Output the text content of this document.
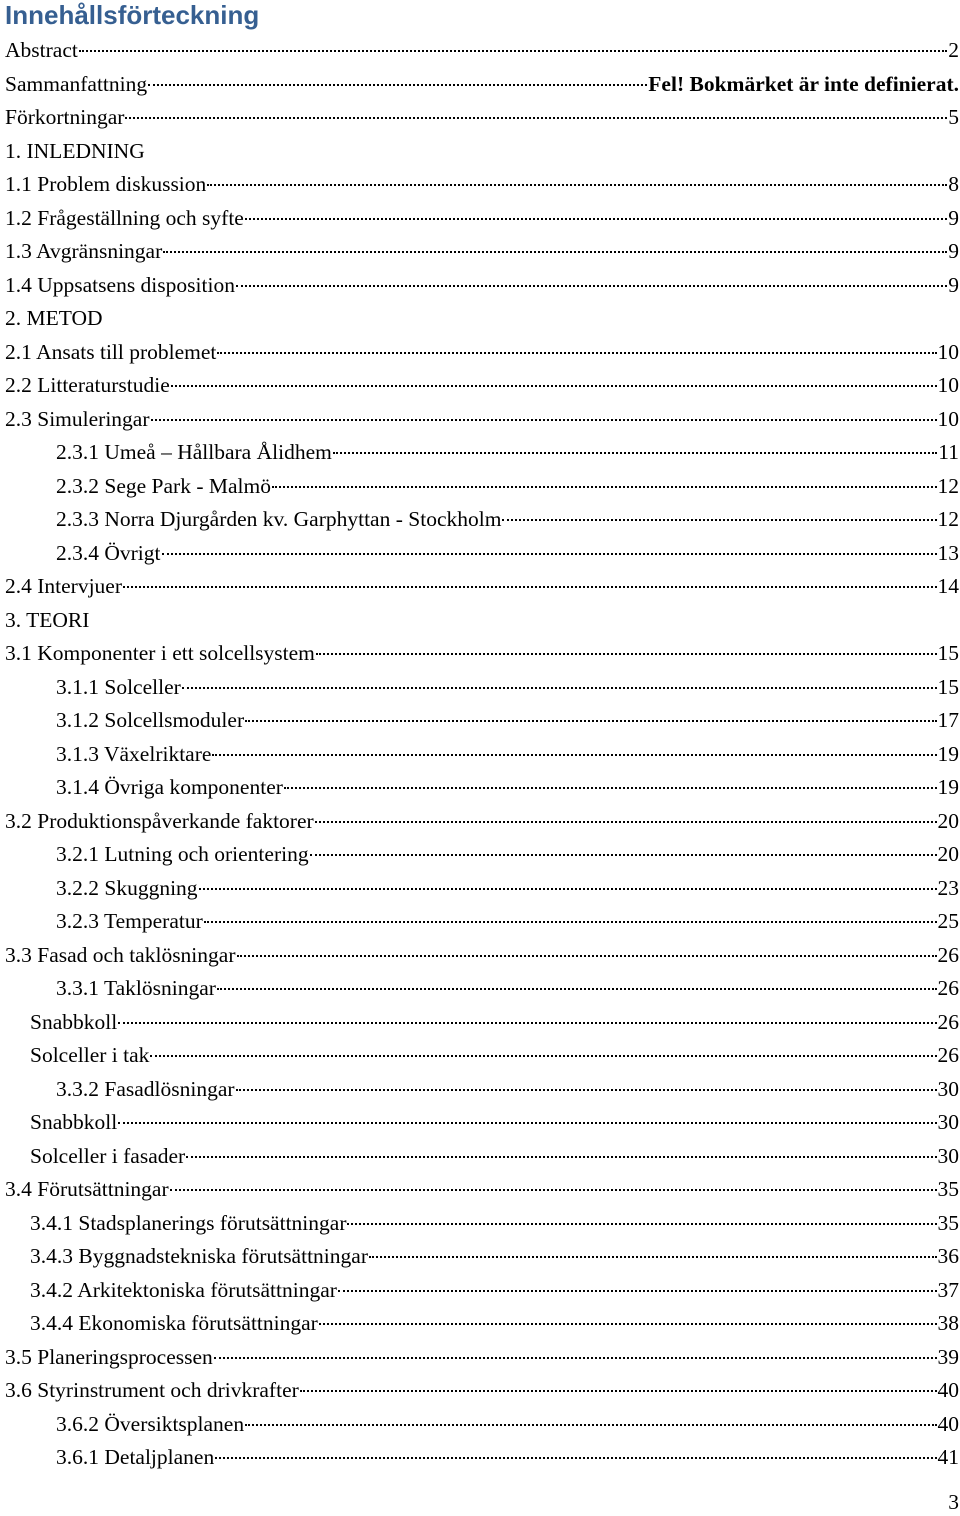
Innehållsförteckning
Abstract	2
Sammanfattning	Fel! Bokmärket är inte definierat.
Förkortningar	5
1. INLEDNING
1.1 Problem diskussion	8
1.2 Frågeställning och syfte	9
1.3 Avgränsningar	9
1.4 Uppsatsens disposition	9
2. METOD
2.1 Ansats till problemet	10
2.2 Litteraturstudie	10
2.3 Simuleringar	10
2.3.1 Umeå – Hållbara Ålidhem	11
2.3.2 Sege Park - Malmö	12
2.3.3 Norra Djurgården kv. Garphyttan - Stockholm	12
2.3.4 Övrigt	13
2.4 Intervjuer	14
3. TEORI
3.1 Komponenter i ett solcellsystem	15
3.1.1 Solceller	15
3.1.2 Solcellsmoduler	17
3.1.3 Växelriktare	19
3.1.4 Övriga komponenter	19
3.2 Produktionspåverkande faktorer	20
3.2.1 Lutning och orientering	20
3.2.2 Skuggning	23
3.2.3 Temperatur	25
3.3 Fasad och taklösningar	26
3.3.1 Taklösningar	26
Snabbkoll	26
Solceller i tak	26
3.3.2 Fasadlösningar	30
Snabbkoll	30
Solceller i fasader	30
3.4 Förutsättningar	35
3.4.1 Stadsplanerings förutsättningar	35
3.4.3 Byggnadstekniska förutsättningar	36
3.4.2 Arkitektoniska förutsättningar	37
3.4.4 Ekonomiska förutsättningar	38
3.5 Planeringsprocessen	39
3.6 Styrinstrument och drivkrafter	40
3.6.2 Översiktsplanen	40
3.6.1 Detaljplanen	41
3
